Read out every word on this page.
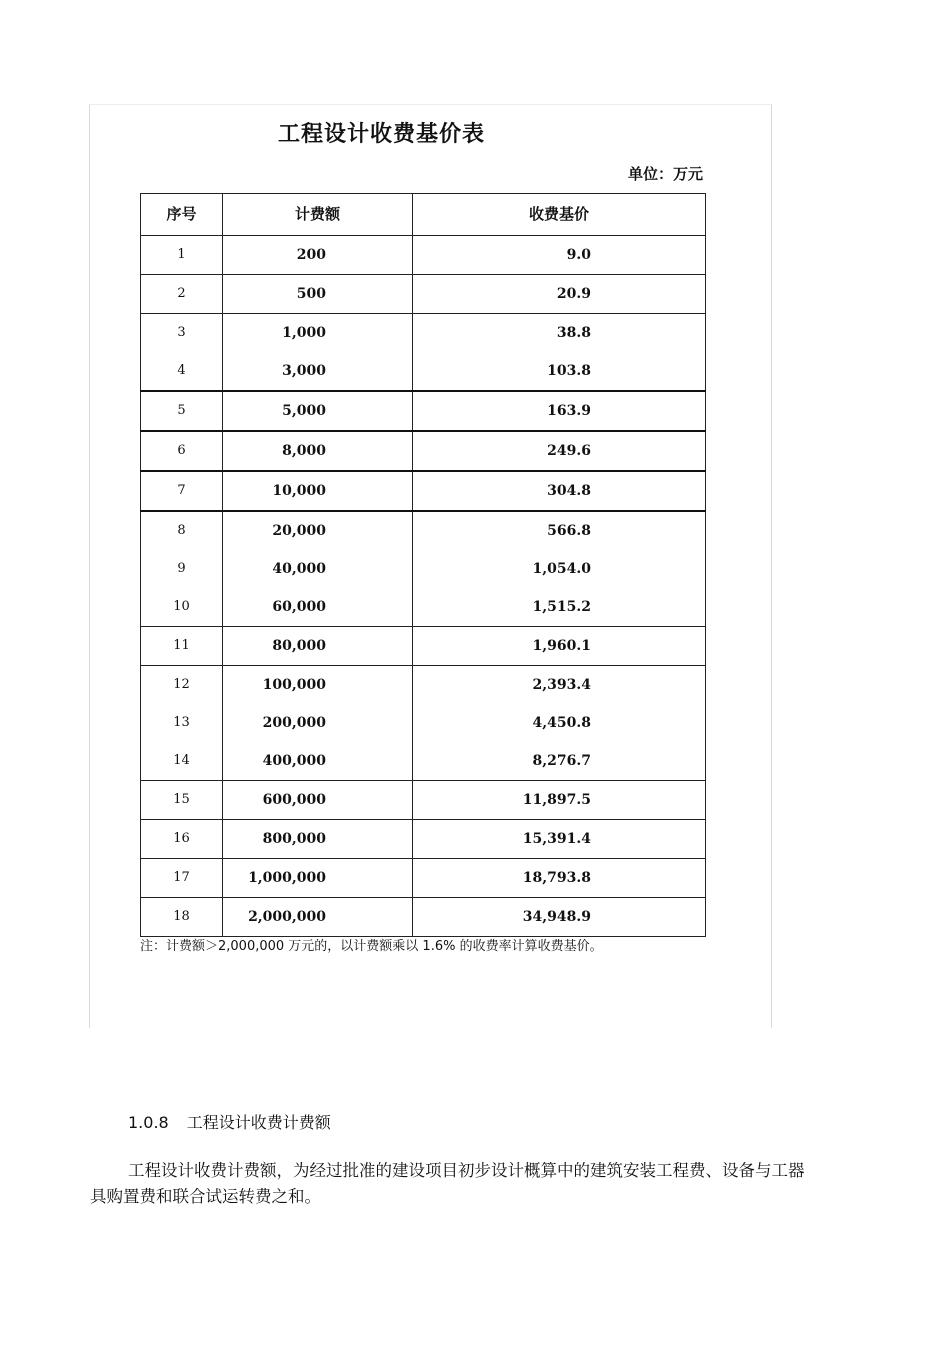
工程设计收费基价表
单位：万元
序号	计费额	收费基价
1	200	9.0
2	500	20.9
3	1,000	38.8
4	3,000	103.8
5	5,000	163.9
6	8,000	249.6
7	10,000	304.8
8	20,000	566.8
9	40,000	1,054.0
10	60,000	1,515.2
11	80,000	1,960.1
12	100,000	2,393.4
13	200,000	4,450.8
14	400,000	8,276.7
15	600,000	11,897.5
16	800,000	15,391.4
17	1,000,000	18,793.8
18	2,000,000	34,948.9
注：计费额＞2,000,000 万元的，以计费额乘以 1.6% 的收费率计算收费基价。
1.0.8 工程设计收费计费额
工程设计收费计费额，为经过批准的建设项目初步设计概算中的建筑安装工程费、设备与工器具购置费和联合试运转费之和。
